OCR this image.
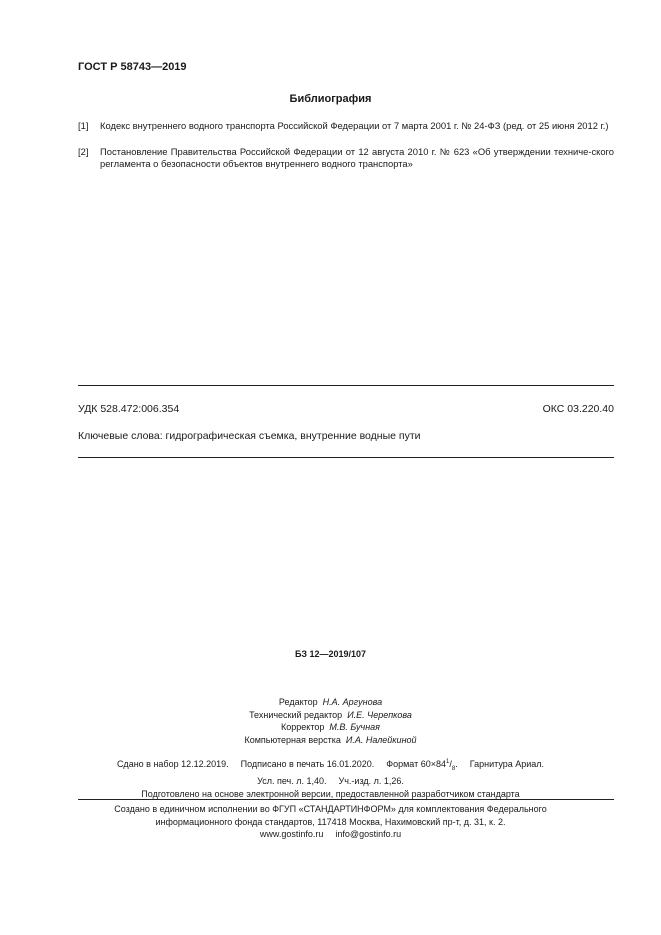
ГОСТ Р 58743—2019
Библиография
[1]	Кодекс внутреннего водного транспорта Российской Федерации от 7 марта 2001 г. № 24-ФЗ (ред. от 25 июня 2012 г.)
[2]	Постановление Правительства Российской Федерации от 12 августа 2010 г. № 623 «Об утверждении техниче-ского регламента о безопасности объектов внутреннего водного транспорта»
УДК 528.472:006.354	ОКС 03.220.40
Ключевые слова: гидрографическая съемка, внутренние водные пути
БЗ 12—2019/107
Редактор Н.А. Аргунова
Технический редактор И.Е. Черепкова
Корректор М.В. Бучная
Компьютерная верстка И.А. Налейкиной
Сдано в набор 12.12.2019. Подписано в печать 16.01.2020. Формат $60\times 84^1/_8$. Гарнитура Ариал.
Усл. печ. л. 1,40. Уч.-изд. л. 1,26.
Подготовлено на основе электронной версии, предоставленной разработчиком стандарта
Создано в единичном исполнении во ФГУП «СТАНДАРТИНФОРМ» для комплектования Федерального
информационного фонда стандартов, 117418 Москва, Нахимовский пр-т, д. 31, к. 2.
www.gostinfo.ru info@gostinfo.ru
